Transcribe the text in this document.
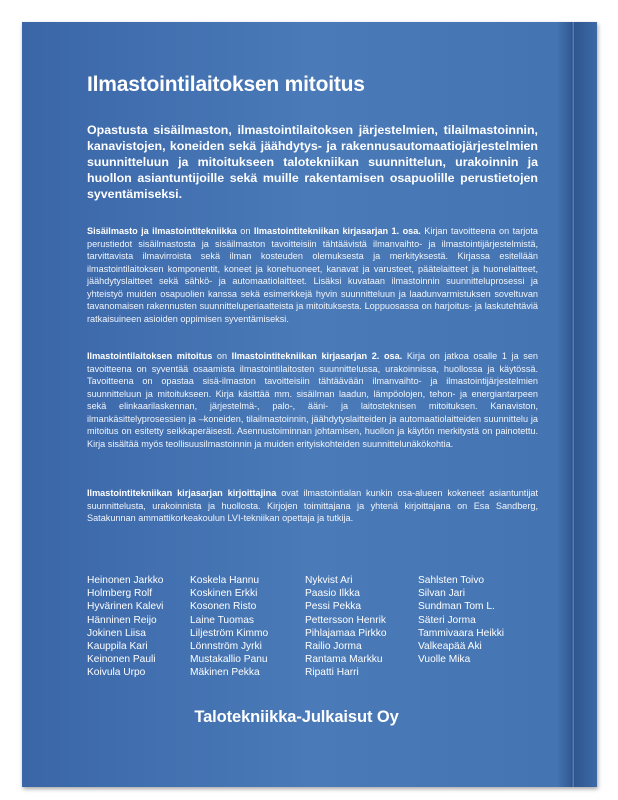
Ilmastointilaitoksen mitoitus
Opastusta sisäilmaston, ilmastointilaitoksen järjestelmien, tilailmastoinnin, kanavistojen, koneiden sekä jäähdytys- ja rakennusautomaatiojärjestelmien suunnitteluun ja mitoitukseen talotekniikan suunnittelun, urakoinnin ja huollon asiantuntijoille sekä muille rakentamisen osapuolille perustietojen syventämiseksi.
Sisäilmasto ja ilmastointitekniikka on Ilmastointitekniikan kirjasarjan 1. osa. Kirjan tavoitteena on tarjota perustiedot sisäilmastosta ja sisäilmaston tavoitteisiin tähtäävistä ilmanvaihto- ja ilmastointijärjestelmistä, tarvittavista ilmavirroista sekä ilman kosteuden olemuksesta ja merkityksestä. Kirjassa esitellään ilmastointilaitoksen komponentit, koneet ja konehuoneet, kanavat ja varusteet, päätelaitteet ja huonelaitteet, jäähdytyslaitteet sekä sähkö- ja automaatiolaitteet. Lisäksi kuvataan ilmastoinnin suunnitteluprosessi ja yhteistyö muiden osapuolien kanssa sekä esimerkkejä hyvin suunnitteluun ja laadunvarmistuksen soveltuvan tavanomaisen rakennusten suunnitteluperiaatteista ja mitoituksesta. Loppuosassa on harjoitus- ja laskutehtäviä ratkaisuineen asioiden oppimisen syventämiseksi.
Ilmastointilaitoksen mitoitus on Ilmastointitekniikan kirjasarjan 2. osa. Kirja on jatkoa osalle 1 ja sen tavoitteena on syventää osaamista ilmastointilaitosten suunnittelussa, urakoinnissa, huollossa ja käytössä. Tavoitteena on opastaa sisä-ilmaston tavoitteisiin tähtäävään ilmanvaihto- ja ilmastointijärjestelmien suunnitteluun ja mitoitukseen. Kirja käsittää mm. sisäilman laadun, lämpöolojen, tehon- ja energiantarpeen sekä elinkaarilaskennan, järjestelmä-, palo-, ääni- ja laitosteknisen mitoituksen. Kanaviston, ilmankäsittelyprosessien ja –koneiden, tilailmastoinnin, jäähdytyslaitteiden ja automaatiolaitteiden suunnittelu ja mitoitus on esitetty seikkaperäisesti. Asennustoiminnan johtamisen, huollon ja käytön merkitystä on painotettu. Kirja sisältää myös teollisuusilmastoinnin ja muiden erityiskohteiden suunnittelunäkökohtia.
Ilmastointitekniikan kirjasarjan kirjoittajina ovat ilmastointialan kunkin osa-alueen kokeneet asiantuntijat suunnittelusta, urakoinnista ja huollosta. Kirjojen toimittajana ja yhtenä kirjoittajana on Esa Sandberg, Satakunnan ammattikorkeakoulun LVI-tekniikan opettaja ja tutkija.
Heinonen Jarkko
Holmberg Rolf
Hyvärinen Kalevi
Hänninen Reijo
Jokinen Liisa
Kauppila Kari
Keinonen Pauli
Koivula Urpo
Koskela Hannu
Koskinen Erkki
Kosonen Risto
Laine Tuomas
Liljeström Kimmo
Lönnström Jyrki
Mustakallio Panu
Mäkinen Pekka
Nykvist Ari
Paasio Ilkka
Pessi Pekka
Pettersson Henrik
Pihlajamaa Pirkko
Railio Jorma
Rantama Markku
Ripatti Harri
Sahlsten Toivo
Silvan Jari
Sundman Tom L.
Säteri Jorma
Tammivaara Heikki
Valkeapää Aki
Vuolle Mika
Talotekniikka-Julkaisut Oy
